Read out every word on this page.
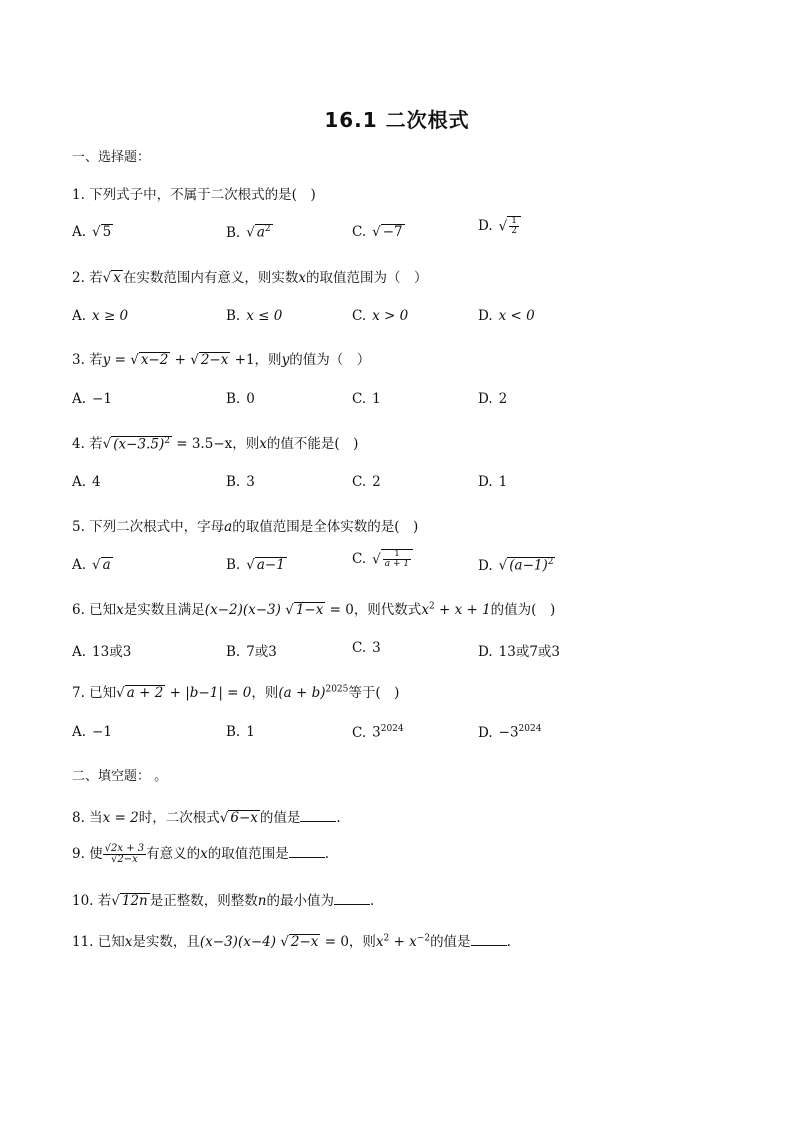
16.1 二次根式
一、选择题：
1. 下列式子中，不属于二次根式的是(　)
A. √ 5	B. √ $a^2$	C. √ −7	D. √ $\frac{1}{2}$
2. 若√ x 在实数范围内有意义，则实数x的取值范围为（　）
A. x ≥ 0	B. x ≤ 0	C. x > 0	D. x < 0
3. 若y = √ x−2 + √ 2−x +1，则y的值为（　）
A. −1	B. 0	C. 1	D. 2
4. 若√ $(x-3.5)^2 = 3.5-x$，则x的值不能是(　)
A. 4	B. 3	C. 2	D. 1
5. 下列二次根式中，字母a的取值范围是全体实数的是(　)
A. √ a	B. √ a−1	C. √ $\frac{1}{a + 1}$	D. √ $(a-1)^2$
6. 已知x是实数且满足(x−2)(x−3) √ 1−x = 0，则代数式$x^2 + x + 1$的值为(　)
A. 13或3	B. 7或3	C. 3	D. 13或7或3
7. 已知√ a + 2 + |b−1| = 0，则$(a + b)^{2025}$等于(　)
A. −1	B. 1	C. $3^{2024}$	D. $-3^{2024}$
二、填空题： 。
8. 当x = 2时，二次根式√ 6−x 的值是	.
9. 使 $\frac{√2x + 3}{√2-x}$ 有意义的x的取值范围是	.
10. 若√ 12n 是正整数，则整数n的最小值为	.
11. 已知x是实数，且(x−3)(x−4) √ 2−x = 0，则$x^2 + x^{-2}$的值是	.
